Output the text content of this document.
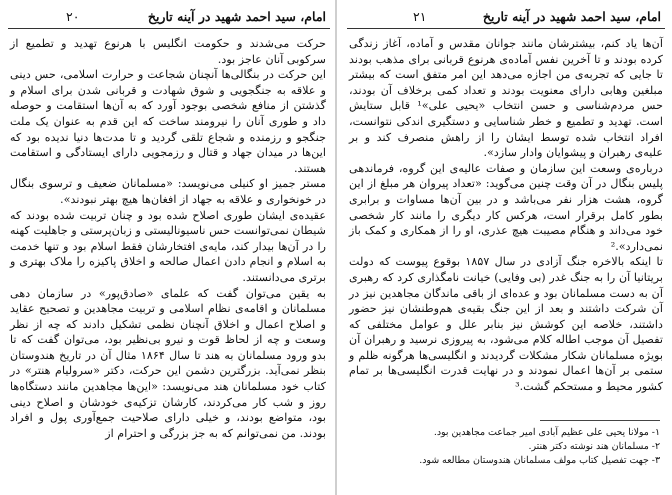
امام، سید احمد شهید در آینه تاریخ
۲۰

حرکت می‌شدند و حکومت انگلیس با هرنوع تهدید و تطمیع از سرکوبی آنان عاجز بود.

این حرکت در بنگالی‌ها آنچنان شجاعت و حرارت اسلامی، حس دینی و علاقه به جنگجویی و شوق شهادت و قربانی شدن برای اسلام و گذشتن از منافع شخصی بوجود آورد که به آن‌ها استقامت و حوصله داد و طوری آنان را نیرومند ساخت که این قدم به عنوان یک ملت جنگجو و رزمنده و شجاع تلقی گردید و تا مدت‌ها دنیا ندیده بود که این‌ها در میدان جهاد و قتال و رزمجویی دارای ایستادگی و استقامت هستند.

مستر جمیز او کنیلی می‌نویسد: «مسلمانان ضعیف و ترسوی بنگال در خونخواری و علاقه به جهاد از افغان‌ها هیچ بهتر نبودند».

عقیده‌ی ایشان طوری اصلاح شده بود و چنان تربیت شده بودند که شیطان نمی‌توانست حس ناسیونالیستی و زبان‌پرستی و جاهلیت کهنه را در آن‌ها بیدار کند، مایه‌ی افتخارشان فقط اسلام بود و تنها خدمت به اسلام و انجام دادن اعمال صالحه و اخلاق پاکیزه را ملاک بهتری و برتری می‌دانستند.

به یقین می‌توان گفت که علمای «صادق‌پور» در سازمان دهی مسلمانان و اقامه‌ی نظام اسلامی و تربیت مجاهدین و تصحیح عقاید و اصلاح اعمال و اخلاق آنچنان نظمی تشکیل دادند که چه از نظر وسعت و چه از لحاظ قوت و نیرو بی‌نظیر بود، می‌توان گفت که تا بدو ورود مسلمانان به هند تا سال ۱۸۶۴ مثال آن در تاریخ هندوستان بنظر نمی‌آید. بزرگترین دشمن این حرکت، دکتر «سرولیام هنتر» در کتاب خود مسلمانان هند می‌نویسد: «این‌ها مجاهدین مانند دستگاه‌ها روز و شب کار می‌کردند، کارشان تزکیه‌ی خودشان و اصلاح دینی بود، متواضع بودند، و خیلی دارای صلاحیت جمع‌آوری پول و افراد بودند. من نمی‌توانم که به جز بزرگی و احترام از

امام، سید احمد شهید در آینه تاریخ
۲۱

آن‌ها یاد کنم، بیشترشان مانند جوانان مقدس و آماده، آغاز زندگی کرده بودند و تا آخرین نفس آماده‌ی هرنوع قربانی برای مذهب بودند تا جایی که تجربه‌ی من اجازه می‌دهد این امر متفق است که بیشتر مبلغین وهابی دارای معنویت بودند و تعداد کمی برخلاف آن بودند، حس مردم‌شناسی و حسن انتخاب «یحیی علی»¹ قابل ستایش است. تهدید و تطمیع و خطر شناسایی و دستگیری اندکی نتوانست، افراد انتخاب شده توسط ایشان را از راهش منصرف کند و بر علیه‌ی رهبران و پیشوایان وادار سازد».

درباره‌ی وسعت این سازمان و صفات عالیه‌ی این گروه، فرماندهی پلیس بنگال در آن وقت چنین می‌گوید: «تعداد پیروان هر مبلغ از این گروه، هشت هزار نفر می‌باشد و در بین آن‌ها مساوات و برابری بطور کامل برقرار است، هرکس کار دیگری را مانند کار شخصی خود می‌داند و هنگام مصیبت هیچ عذری، او را از همکاری و کمک باز نمی‌دارد».²

تا اینکه بالاخره جنگ آزادی در سال ۱۸۵۷ بوقوع پیوست که دولت بریتانیا آن را به جنگ غدر (بی وفایی) خیانت نامگذاری کرد که رهبری آن به دست مسلمانان بود و عده‌ای از باقی ماندگان مجاهدین نیز در آن شرکت داشتند و بعد از این جنگ بقیه‌ی هم‌وطنشان نیز حضور داشتند، خلاصه این کوشش نیز بنابر علل و عوامل مختلفی که تفصیل آن موجب اطاله کلام می‌شود، به پیروزی نرسید و رهبران آن بویژه مسلمانان شکار مشکلات گردیدند و انگلیسی‌ها هرگونه ظلم و ستمی بر آن‌ها اعمال نمودند و در نهایت قدرت انگلیسی‌ها بر تمام کشور محیط و مستحکم گشت.³

۱- مولانا یحیی علی عظیم آبادی امیر جماعت مجاهدین بود.
۲- مسلمانان هند نوشته دکتر هنتر.
۳- جهت تفصیل کتاب مولف مسلمانان هندوستان مطالعه شود.
